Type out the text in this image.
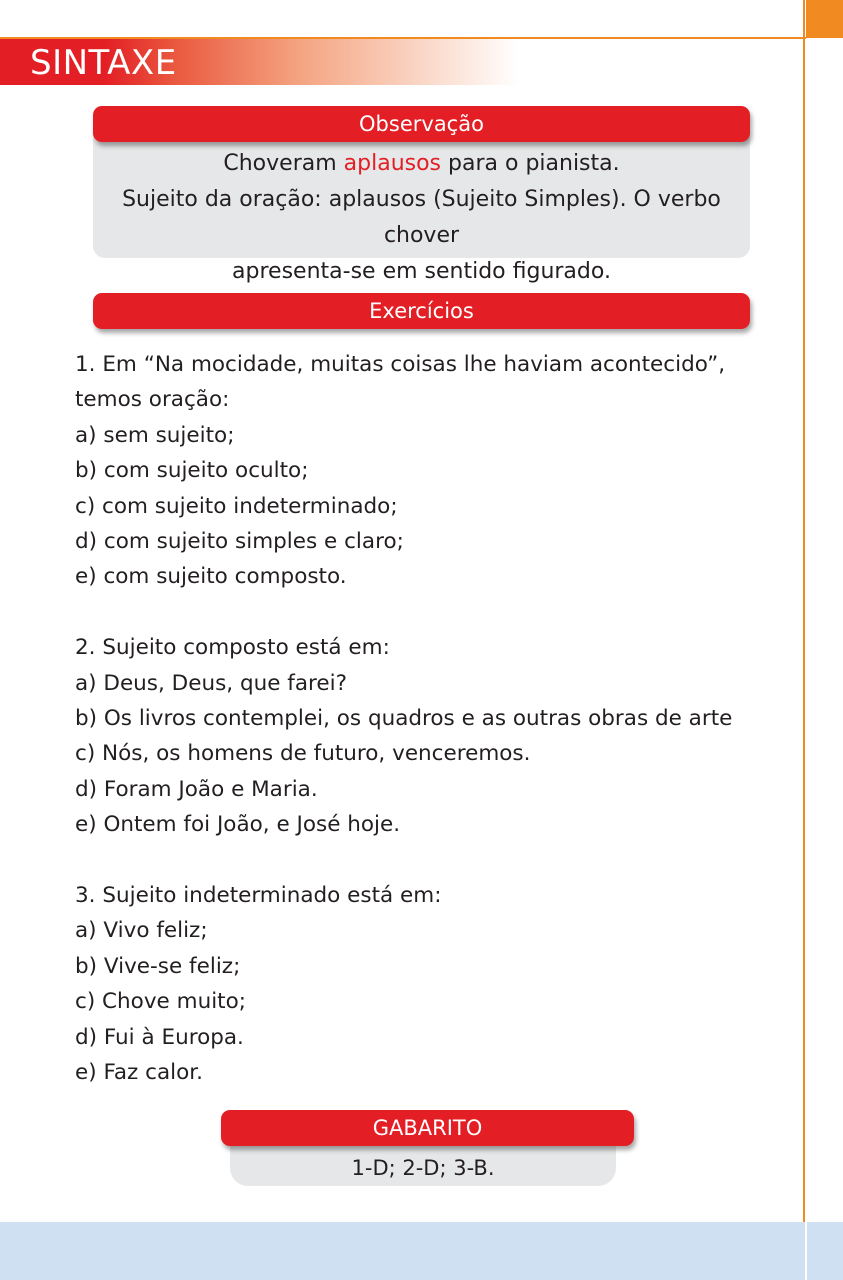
SINTAXE
Choveram aplausos para o pianista.
Sujeito da oração: aplausos (Sujeito Simples). O verbo chover
apresenta-se em sentido figurado.
Observação
Exercícios
1. Em “Na mocidade, muitas coisas lhe haviam acontecido”,
temos oração:
a) sem sujeito;
b) com sujeito oculto;
c) com sujeito indeterminado;
d) com sujeito simples e claro;
e) com sujeito composto.
2. Sujeito composto está em:
a) Deus, Deus, que farei?
b) Os livros contemplei, os quadros e as outras obras de arte
c) Nós, os homens de futuro, venceremos.
d) Foram João e Maria.
e) Ontem foi João, e José hoje.
3. Sujeito indeterminado está em:
a) Vivo feliz;
b) Vive-se feliz;
c) Chove muito;
d) Fui à Europa.
e) Faz calor.
1-D; 2-D; 3-B.
GABARITO
